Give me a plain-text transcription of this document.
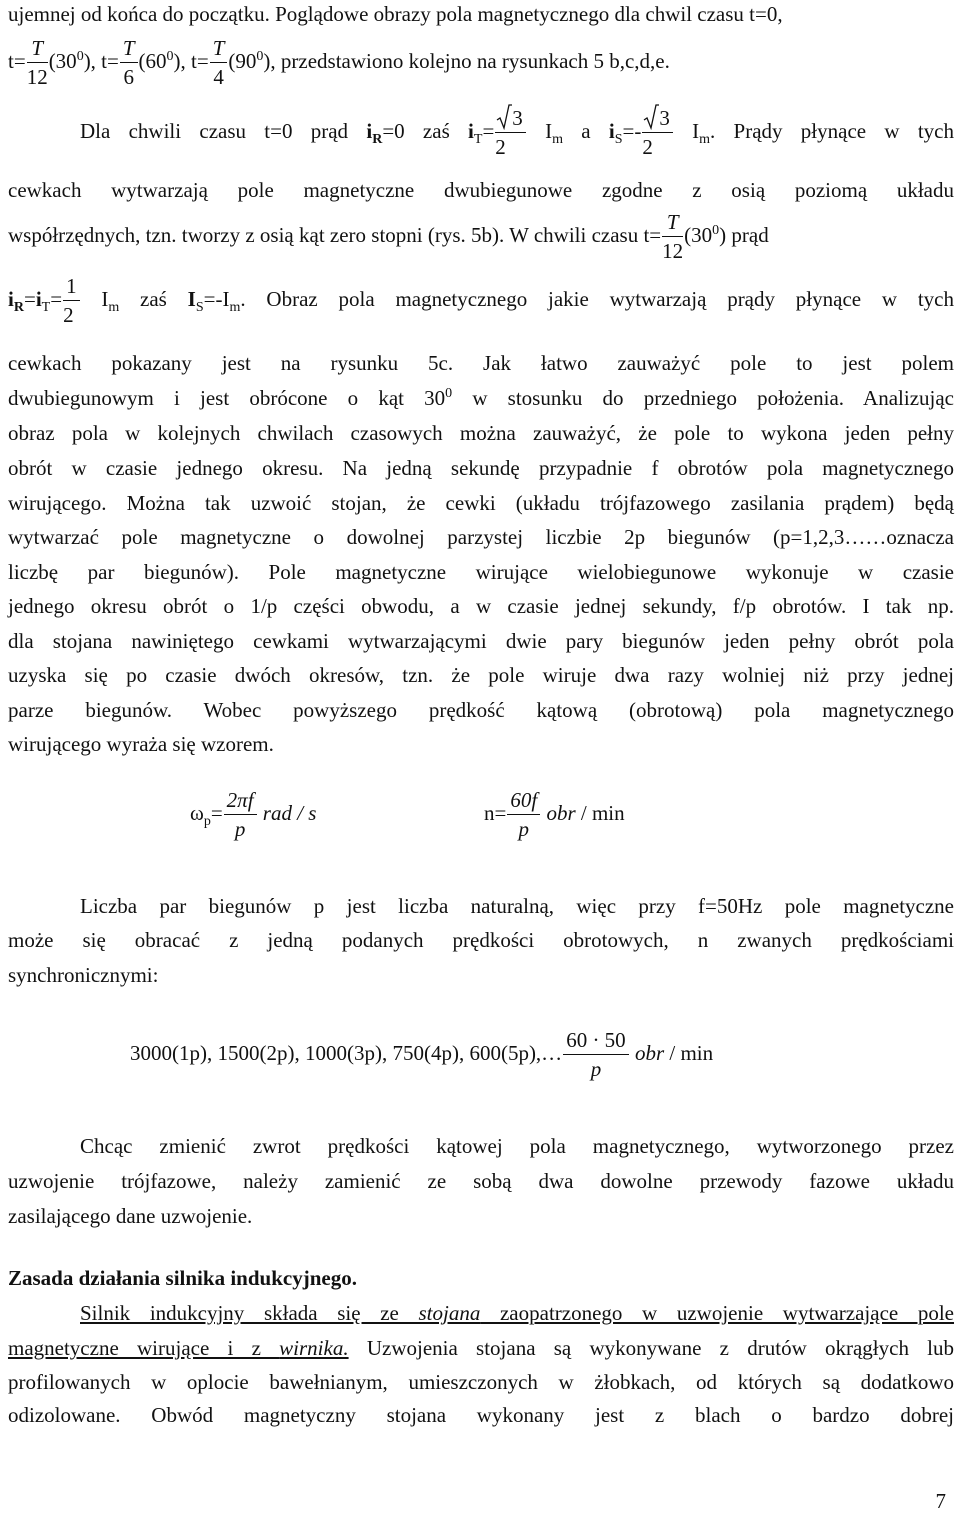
ujemnej od końca do początku. Poglądowe obrazy pola magnetycznego dla chwil czasu t=0,
$t= \frac{T}{12} (30^0)$, $t= \frac{T}{6} (60^0)$, $t= \frac{T}{4} (90^0)$, przedstawiono kolejno na rysunkach 5 b,c,d,e.
Dla chwili czasu t=0 prąd $i_R=0$ zaś $i_T= \frac{3}{2} I_m$ a $i_S=- \frac{3}{2} I_m$. Prądy płynące w tych
cewkach wytwarzają pole magnetyczne dwubiegunowe zgodne z osią poziomą układu
współrzędnych, tzn. tworzy z osią kąt zero stopni (rys. 5b). W chwili czasu $t= \frac{T}{12} (30^0)$ prąd
$i_R=i_T= \frac{1}{2} I_m$ zaś $I_S=-I_m$. Obraz pola magnetycznego jakie wytwarzają prądy płynące w tych
cewkach pokazany jest na rysunku 5c. Jak łatwo zauważyć pole to jest polem
dwubiegunowym i jest obrócone o kąt $30^0$ w stosunku do przedniego położenia. Analizując
obraz pola w kolejnych chwilach czasowych można zauważyć, że pole to wykona jeden pełny
obrót w czasie jednego okresu. Na jedną sekundę przypadnie f obrotów pola magnetycznego
wirującego. Można tak uzwoić stojan, że cewki (układu trójfazowego zasilania prądem) będą
wytwarzać pole magnetyczne o dowolnej parzystej liczbie 2p biegunów (p=1,2,3……oznacza
liczbę par biegunów). Pole magnetyczne wirujące wielobiegunowe wykonuje w czasie
jednego okresu obrót o 1/p części obwodu, a w czasie jednej sekundy, f/p obrotów. I tak np.
dla stojana nawiniętego cewkami wytwarzającymi dwie pary biegunów jeden pełny obrót pola
uzyska się po czasie dwóch okresów, tzn. że pole wiruje dwa razy wolniej niż przy jednej
parze biegunów. Wobec powyższego prędkość kątową (obrotową) pola magnetycznego
wirującego wyraża się wzorem.
$\omega_p= \frac{2\pi f}{p}$ rad / s	$n= \frac{60f}{p}$ obr / min
Liczba par biegunów p jest liczba naturalną, więc przy f=50Hz pole magnetyczne
może się obracać z jedną podanych prędkości obrotowych, n zwanych prędkościami
synchronicznymi:
3000(1p), 1500(2p), 1000(3p), 750(4p), 600(5p),… $\frac{60 \cdot 50}{p}$ obr / min
Chcąc zmienić zwrot prędkości kątowej pola magnetycznego, wytworzonego przez
uzwojenie trójfazowe, należy zamienić ze sobą dwa dowolne przewody fazowe układu
zasilającego dane uzwojenie.
Zasada działania silnika indukcyjnego.
Silnik indukcyjny składa się ze stojana zaopatrzonego w uzwojenie wytwarzające pole
magnetyczne wirujące i z wirnika. Uzwojenia stojana są wykonywane z drutów okrągłych lub
profilowanych w oplocie bawełnianym, umieszczonych w żłobkach, od których są dodatkowo
odizolowane. Obwód magnetyczny stojana wykonany jest z blach o bardzo dobrej
7
